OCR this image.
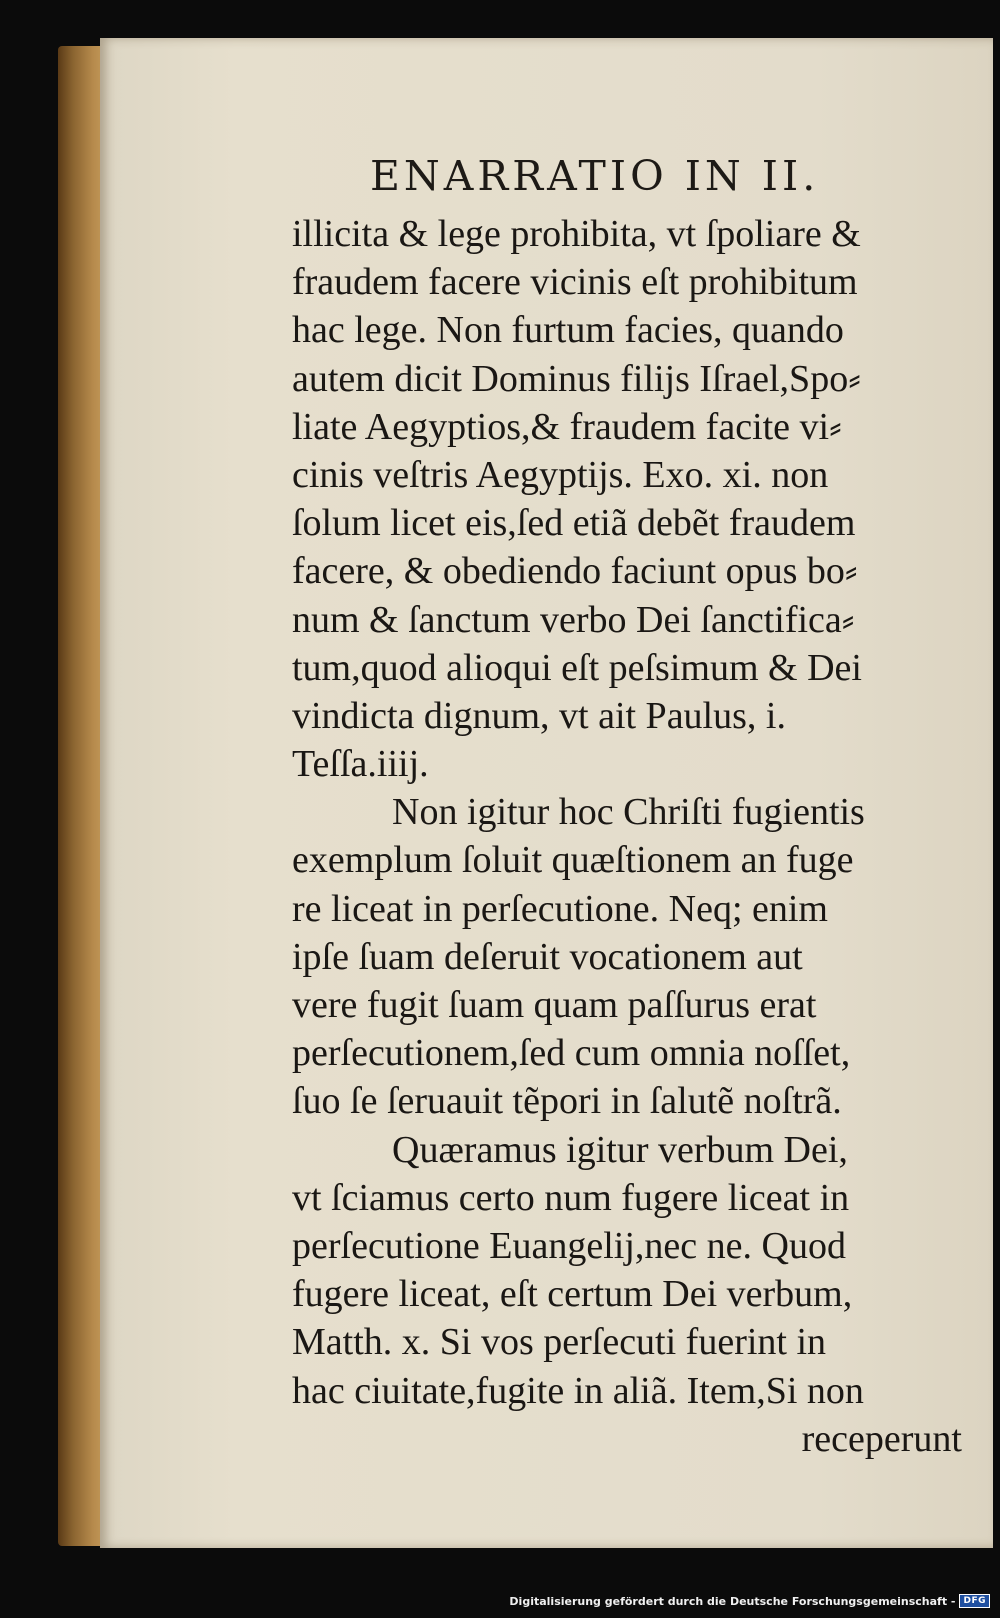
ENARRATIO IN II.
illicita & lege prohibita, vt ſpoliare &
fraudem facere vicinis eſt prohibitum
hac lege. Non furtum facies, quando
autem dicit Dominus filijs Iſrael,Spo⸗
liate Aegyptios,& fraudem facite vi⸗
cinis veſtris Aegyptijs. Exo. xi. non
ſolum licet eis,ſed etiã debẽt fraudem
facere, & obediendo faciunt opus bo⸗
num & ſanctum verbo Dei ſanctifica⸗
tum,quod alioqui eſt peſsimum & Dei
vindicta dignum, vt ait Paulus, i.
Teſſa.iiij.
Non igitur hoc Chriſti fugientis
exemplum ſoluit quæſtionem an fuge
re liceat in perſecutione. Neq; enim
ipſe ſuam deſeruit vocationem aut
vere fugit ſuam quam paſſurus erat
perſecutionem,ſed cum omnia noſſet,
ſuo ſe ſeruauit tẽpori in ſalutẽ noſtrã.
Quæramus igitur verbum Dei,
vt ſciamus certo num fugere liceat in
perſecutione Euangelij,nec ne. Quod
fugere liceat, eſt certum Dei verbum,
Matth. x. Si vos perſecuti fuerint in
hac ciuitate,fugite in aliã. Item,Si non
receperunt
Digitalisierung gefördert durch die Deutsche Forschungsgemeinschaft - DFG
